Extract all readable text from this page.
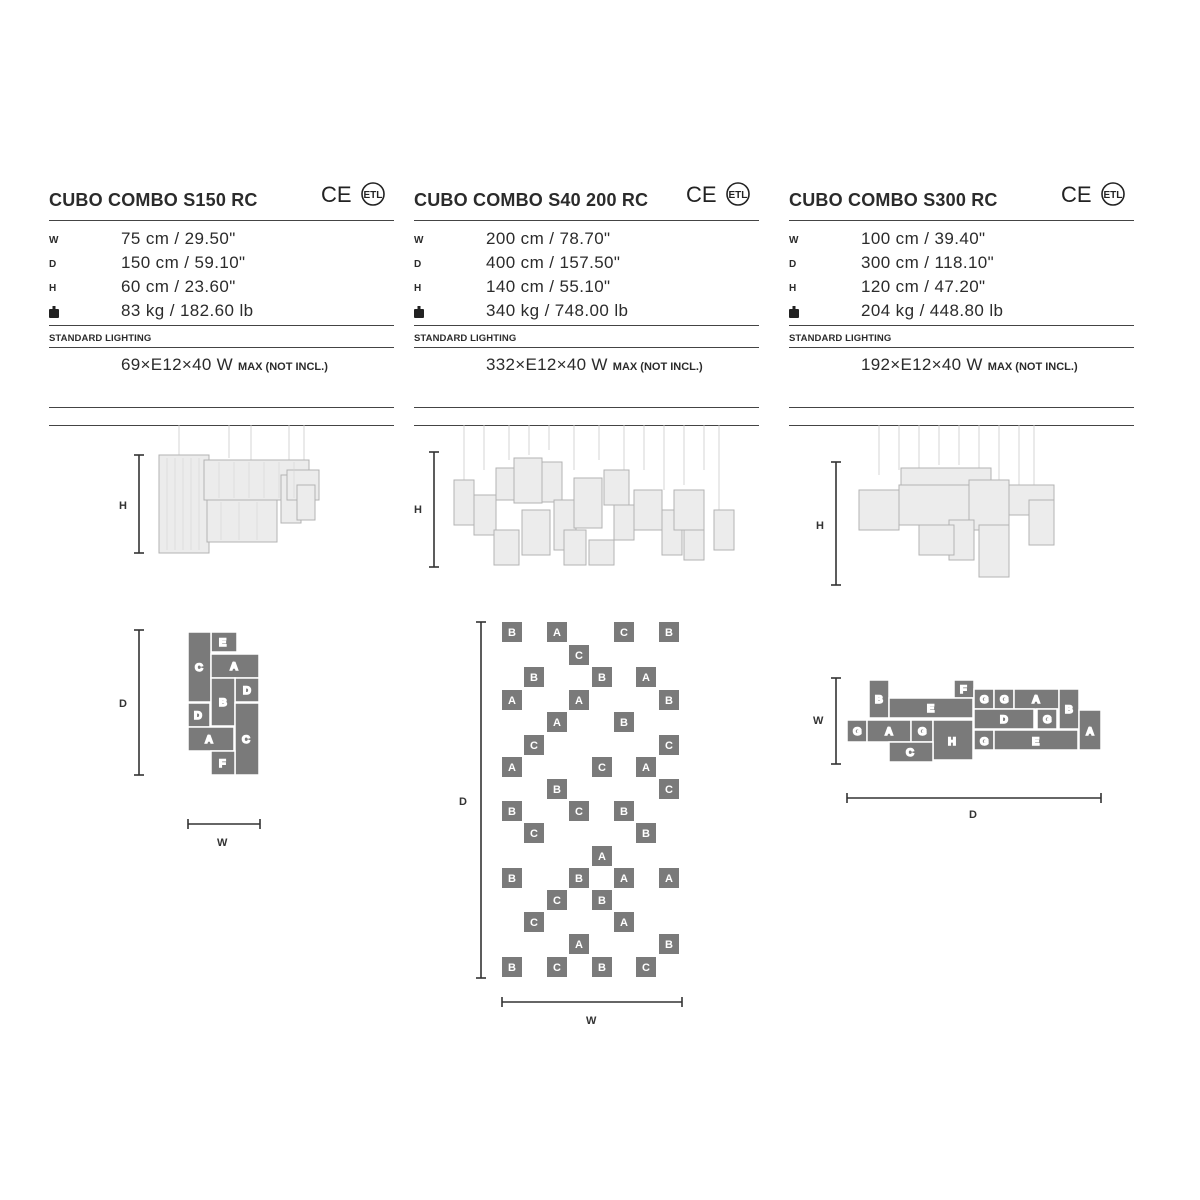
CUBO COMBO S150 RC	CE ETL
W	75 cm / 29.50"
D	150 cm / 59.10"
H	60 cm / 23.60"
83 kg / 182.60 lb
STANDARD LIGHTING
69×E12×40 W MAX (NOT INCL.)
H
D
W
E
C A
D
B
D
A	C
F
CUBO COMBO S40 200 RC CE ETL
W	200 cm / 78.70"
D	400 cm / 157.50"
H	140 cm / 55.10"
340 kg / 748.00 lb
STANDARD LIGHTING
332×E12×40 W MAX (NOT INCL.)
H
D
W
B	A	C	B
C
B	B	A
A	A	B
A	B
C	C
A	C	A
B	C
B	C	B
C	B
A
B	B	A	A
C	B
C	A
A	B
B	C	B	C
CUBO COMBO S300 RC	CE ETL
W	100 cm / 39.40"
D	300 cm / 118.10"
H	120 cm / 47.20"
204 kg / 448.80 lb
STANDARD LIGHTING
192×E12×40 W MAX (NOT INCL.)
H
W
D
B
F
G G A
B
E
D	G
G A G	A
H G	E
C
